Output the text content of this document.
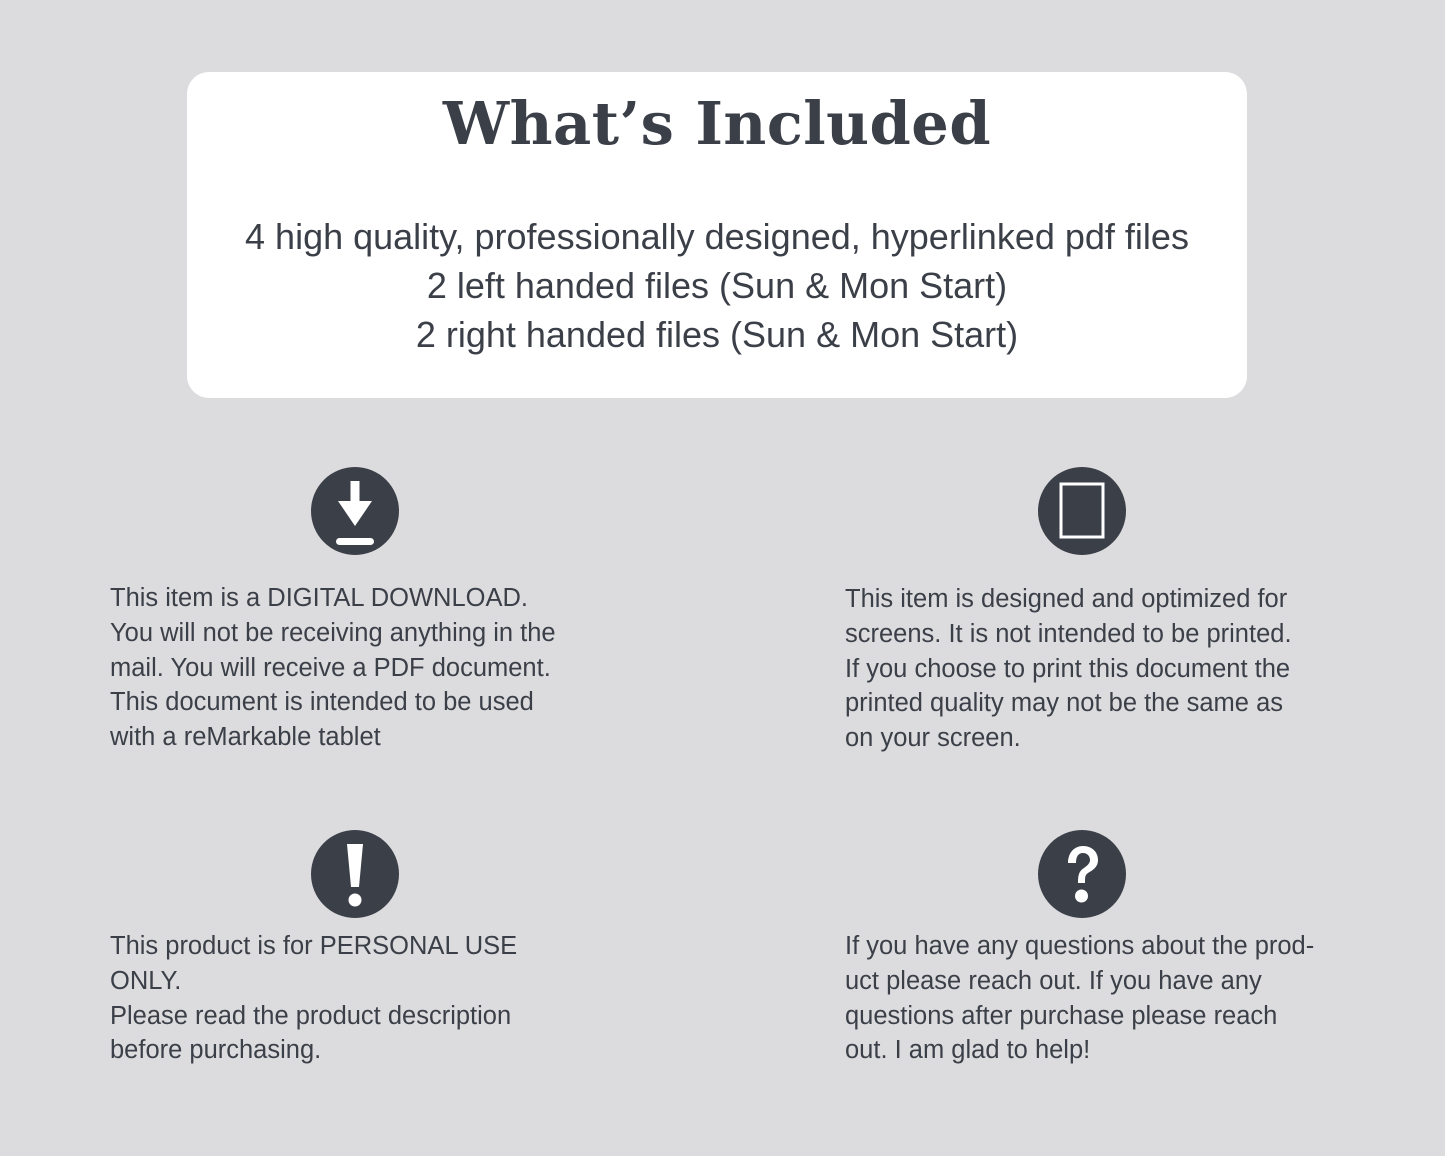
What’s Included
4 high quality, professionally designed, hyperlinked pdf files
2 left handed files (Sun & Mon Start)
2 right handed files (Sun & Mon Start)
This item is a DIGITAL DOWNLOAD.
You will not be receiving anything in the
mail. You will receive a PDF document.
This document is intended to be used
with a reMarkable tablet
This item is designed and optimized for
screens. It is not intended to be printed.
If you choose to print this document the
printed quality may not be the same as
on your screen.
This product is for PERSONAL USE
ONLY.
Please read the product description
before purchasing.
If you have any questions about the prod-
uct please reach out. If you have any
questions after purchase please reach
out. I am glad to help!
